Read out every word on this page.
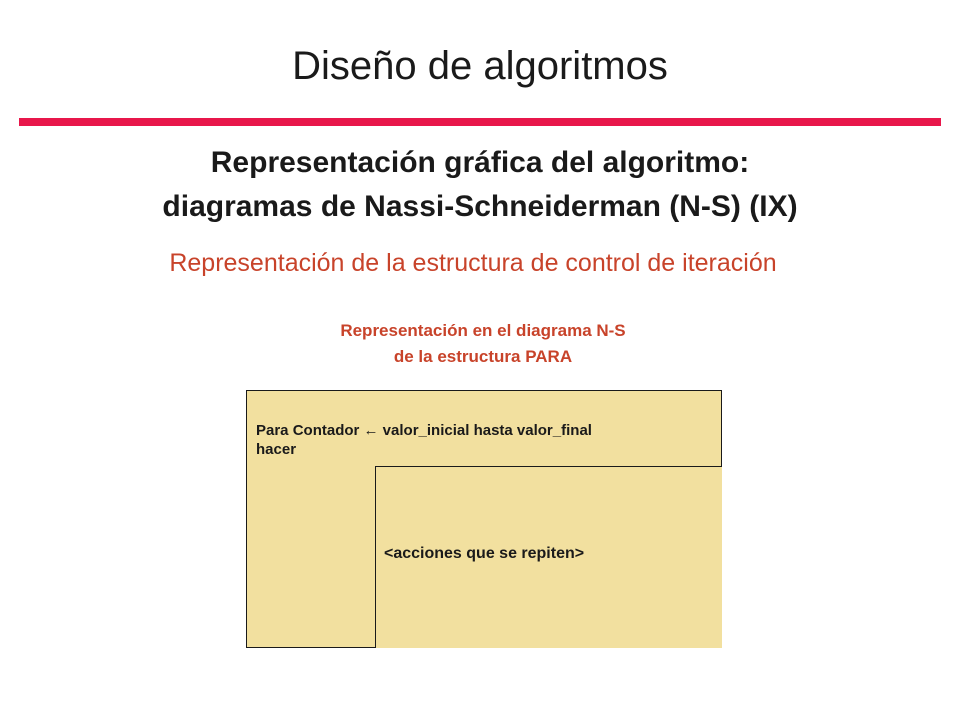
Diseño de algoritmos
Representación gráfica del algoritmo:
diagramas de Nassi-Schneiderman (N-S) (IX)
Representación de la estructura de control de iteración
Representación en el diagrama N-S
de la estructura PARA
Para Contador ← valor_inicial hasta valor_final
hacer
<acciones que se repiten>
